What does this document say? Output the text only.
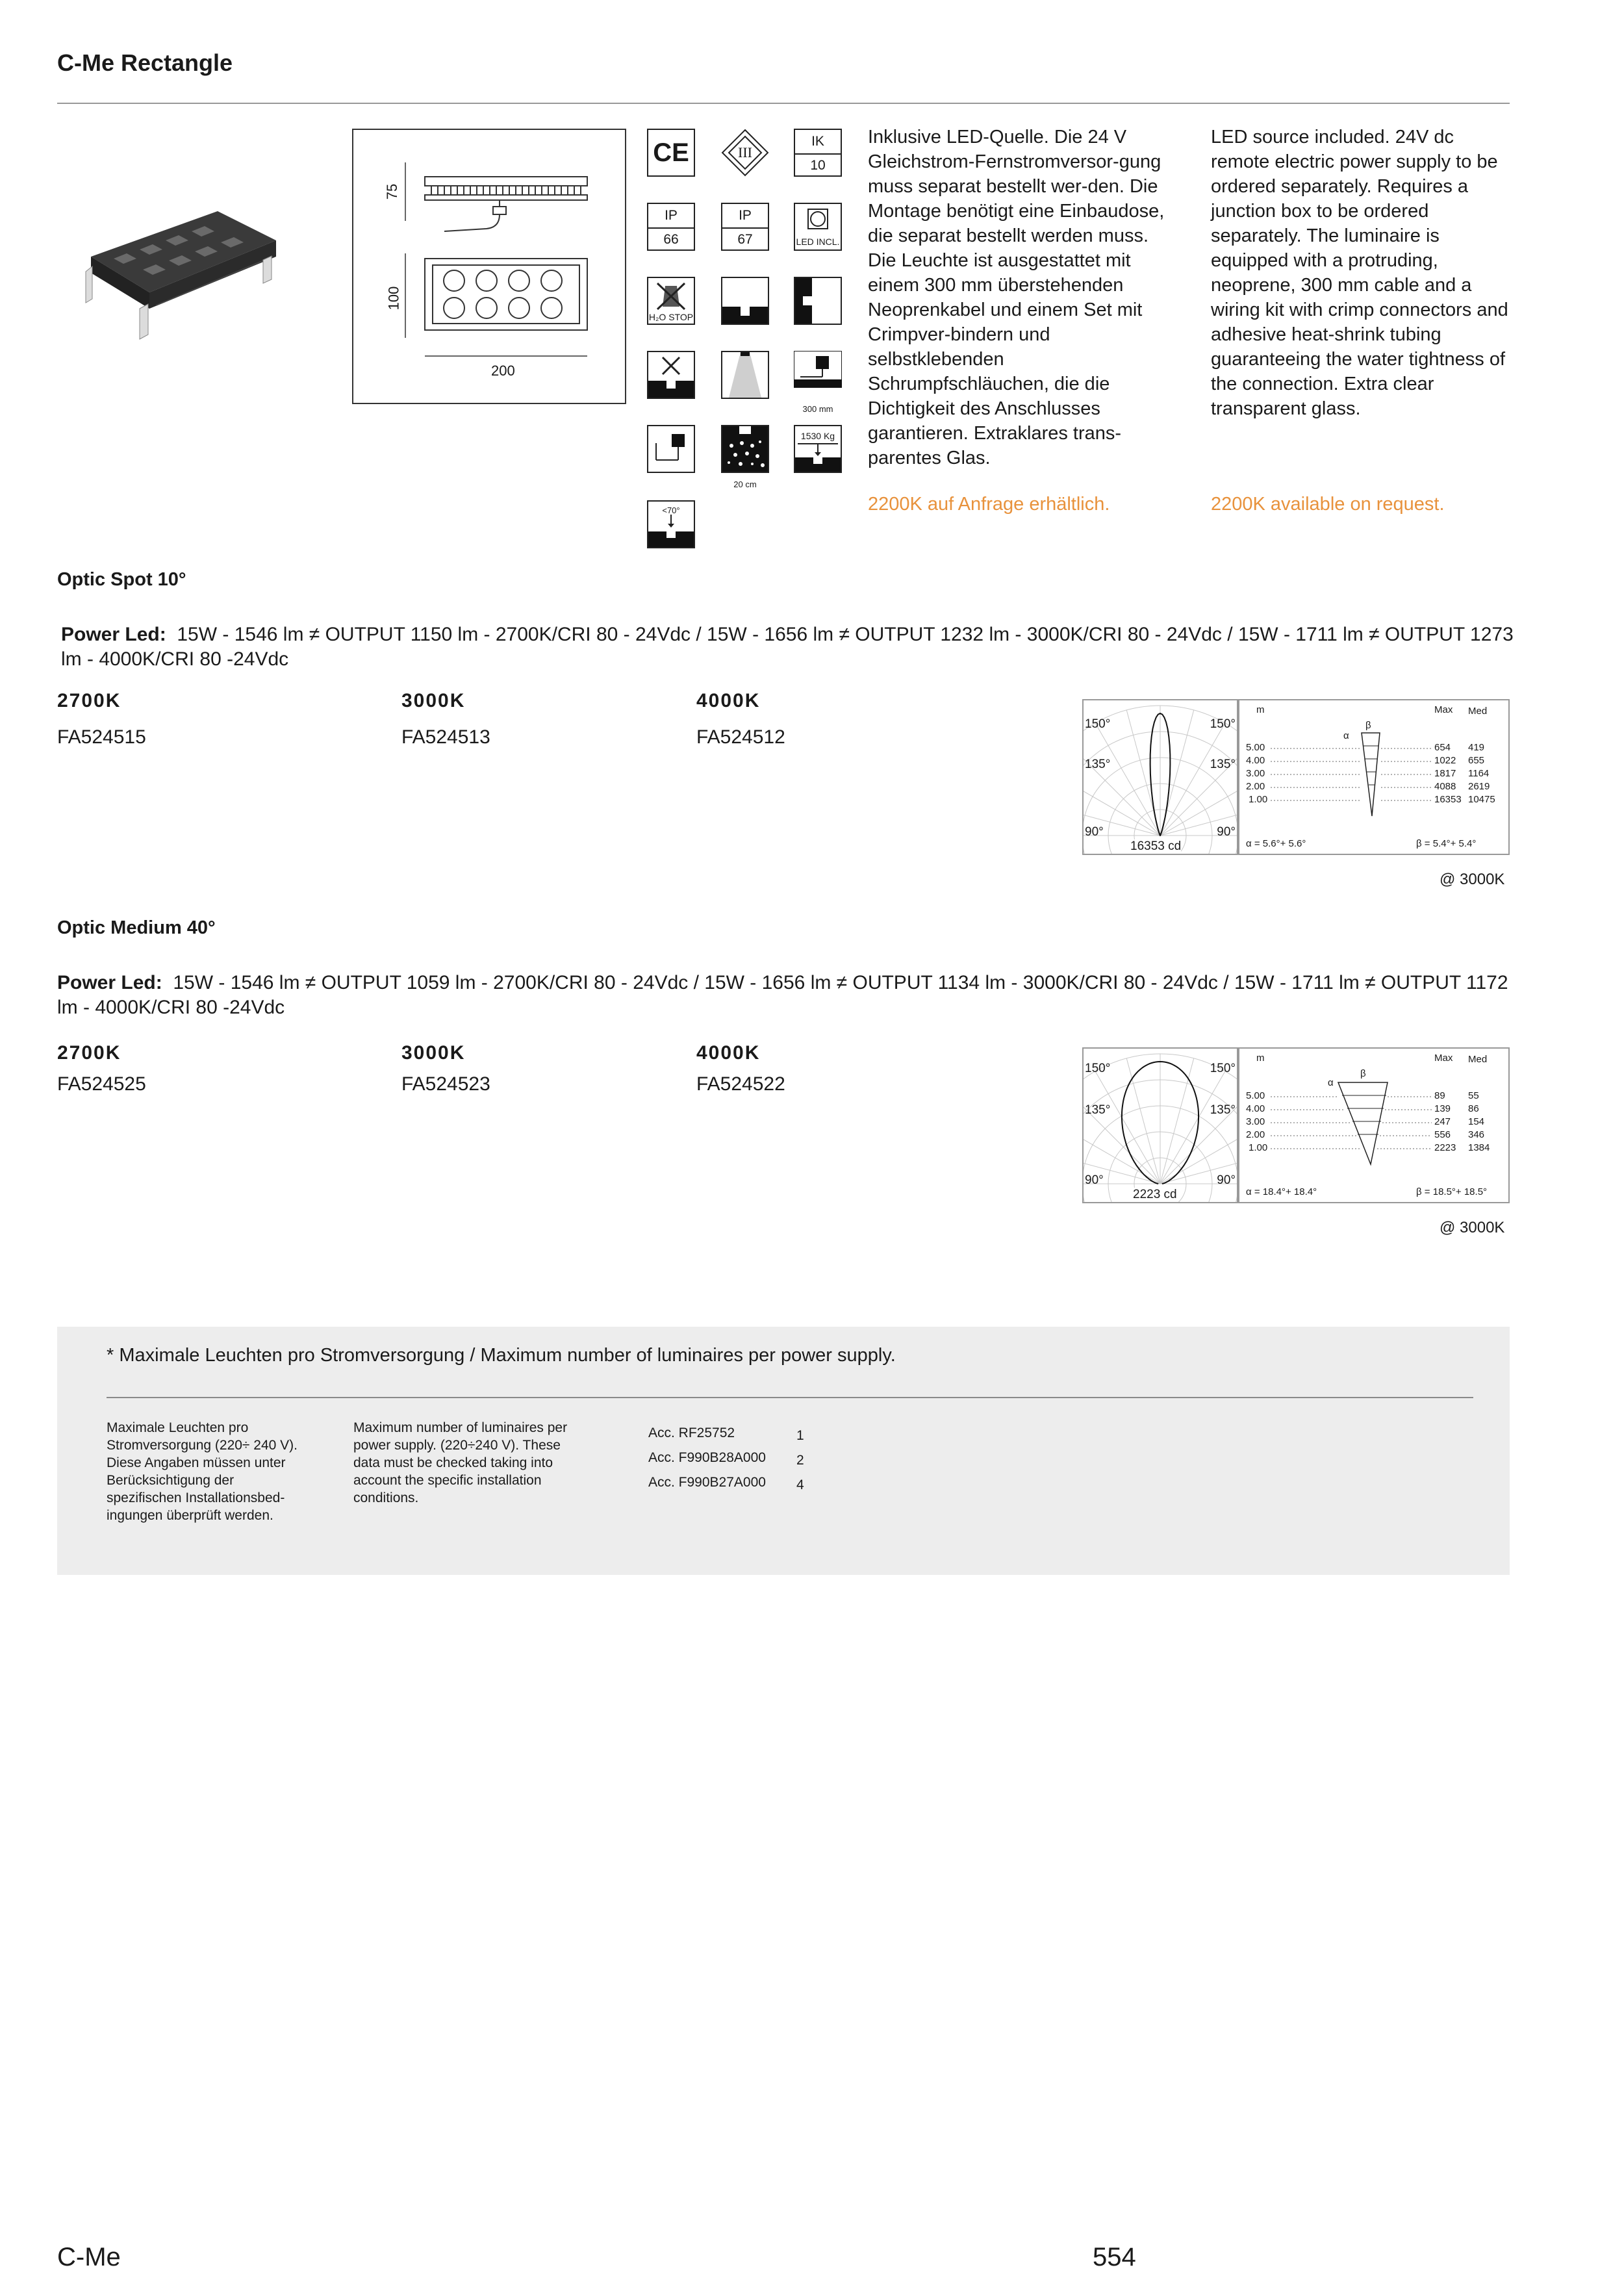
C-Me Rectangle
75
100
200
CE	III
IK
10
IP
66
IP
67	LED INCL.
H₂O STOP
300 mm
20 cm
1530 Kg
<70°
Inklusive LED-Quelle. Die 24 V Gleichstrom-Fernstromversor-gung muss separat bestellt wer-den. Die Montage benötigt eine Einbaudose, die separat bestellt werden muss. Die Leuchte ist ausgestattet mit einem 300 mm überstehenden Neoprenkabel und einem Set mit Crimpver-bindern und selbstklebenden Schrumpfschläuchen, die die Dichtigkeit des Anschlusses garantieren. Extraklares trans-parentes Glas.
LED source included. 24V dc remote electric power supply to be ordered separately. Requires a junction box to be ordered separately. The luminaire is equipped with a protruding, neoprene, 300 mm cable and a wiring kit with crimp connectors and adhesive heat-shrink tubing guaranteeing the water tightness of the connection. Extra clear transparent glass.
2200K auf Anfrage erhältlich.	2200K available on request.
Optic Spot 10°
Power Led: 15W - 1546 lm ≠ OUTPUT 1150 lm - 2700K/CRI 80 - 24Vdc / 15W - 1656 lm ≠ OUTPUT 1232 lm - 3000K/CRI 80 - 24Vdc / 15W - 1711 lm ≠ OUTPUT 1273 lm - 4000K/CRI 80 -24Vdc
2700K	3000K	4000K
FA524515	FA524513	FA524512
150°	150°
135°	135°
90°	90°
16353 cd
m	Max Med
β
α
5.00	654 419
4.00	1022 655
3.00	1817 1164
2.00	4088 2619
1.00	16353 10475
α = 5.6°+ 5.6°	β = 5.4°+ 5.4°
@ 3000K
Optic Medium 40°
Power Led: 15W - 1546 lm ≠ OUTPUT 1059 lm - 2700K/CRI 80 - 24Vdc / 15W - 1656 lm ≠ OUTPUT 1134 lm - 3000K/CRI 80 - 24Vdc / 15W - 1711 lm ≠ OUTPUT 1172 lm - 4000K/CRI 80 -24Vdc
2700K	3000K	4000K
FA524525	FA524523	FA524522
150°	150°
135°	135°
90°	90°
2223 cd
m	Max Med
β
α
5.00	89 55
4.00	139 86
3.00	247 154
2.00	556 346
1.00	2223 1384
α = 18.4°+ 18.4°	β = 18.5°+ 18.5°
@ 3000K
* Maximale Leuchten pro Stromversorgung / Maximum number of luminaires per power supply.
Maximale Leuchten pro Stromversorgung (220÷ 240 V). Diese Angaben müssen unter Berücksichtigung der spezifischen Installationsbed-ingungen überprüft werden.
Maximum number of luminaires per power supply. (220÷240 V). These data must be checked taking into account the specific installation conditions.
Acc. RF25752	1
Acc. F990B28A000 2
Acc. F990B27A000 4
C-Me	554
